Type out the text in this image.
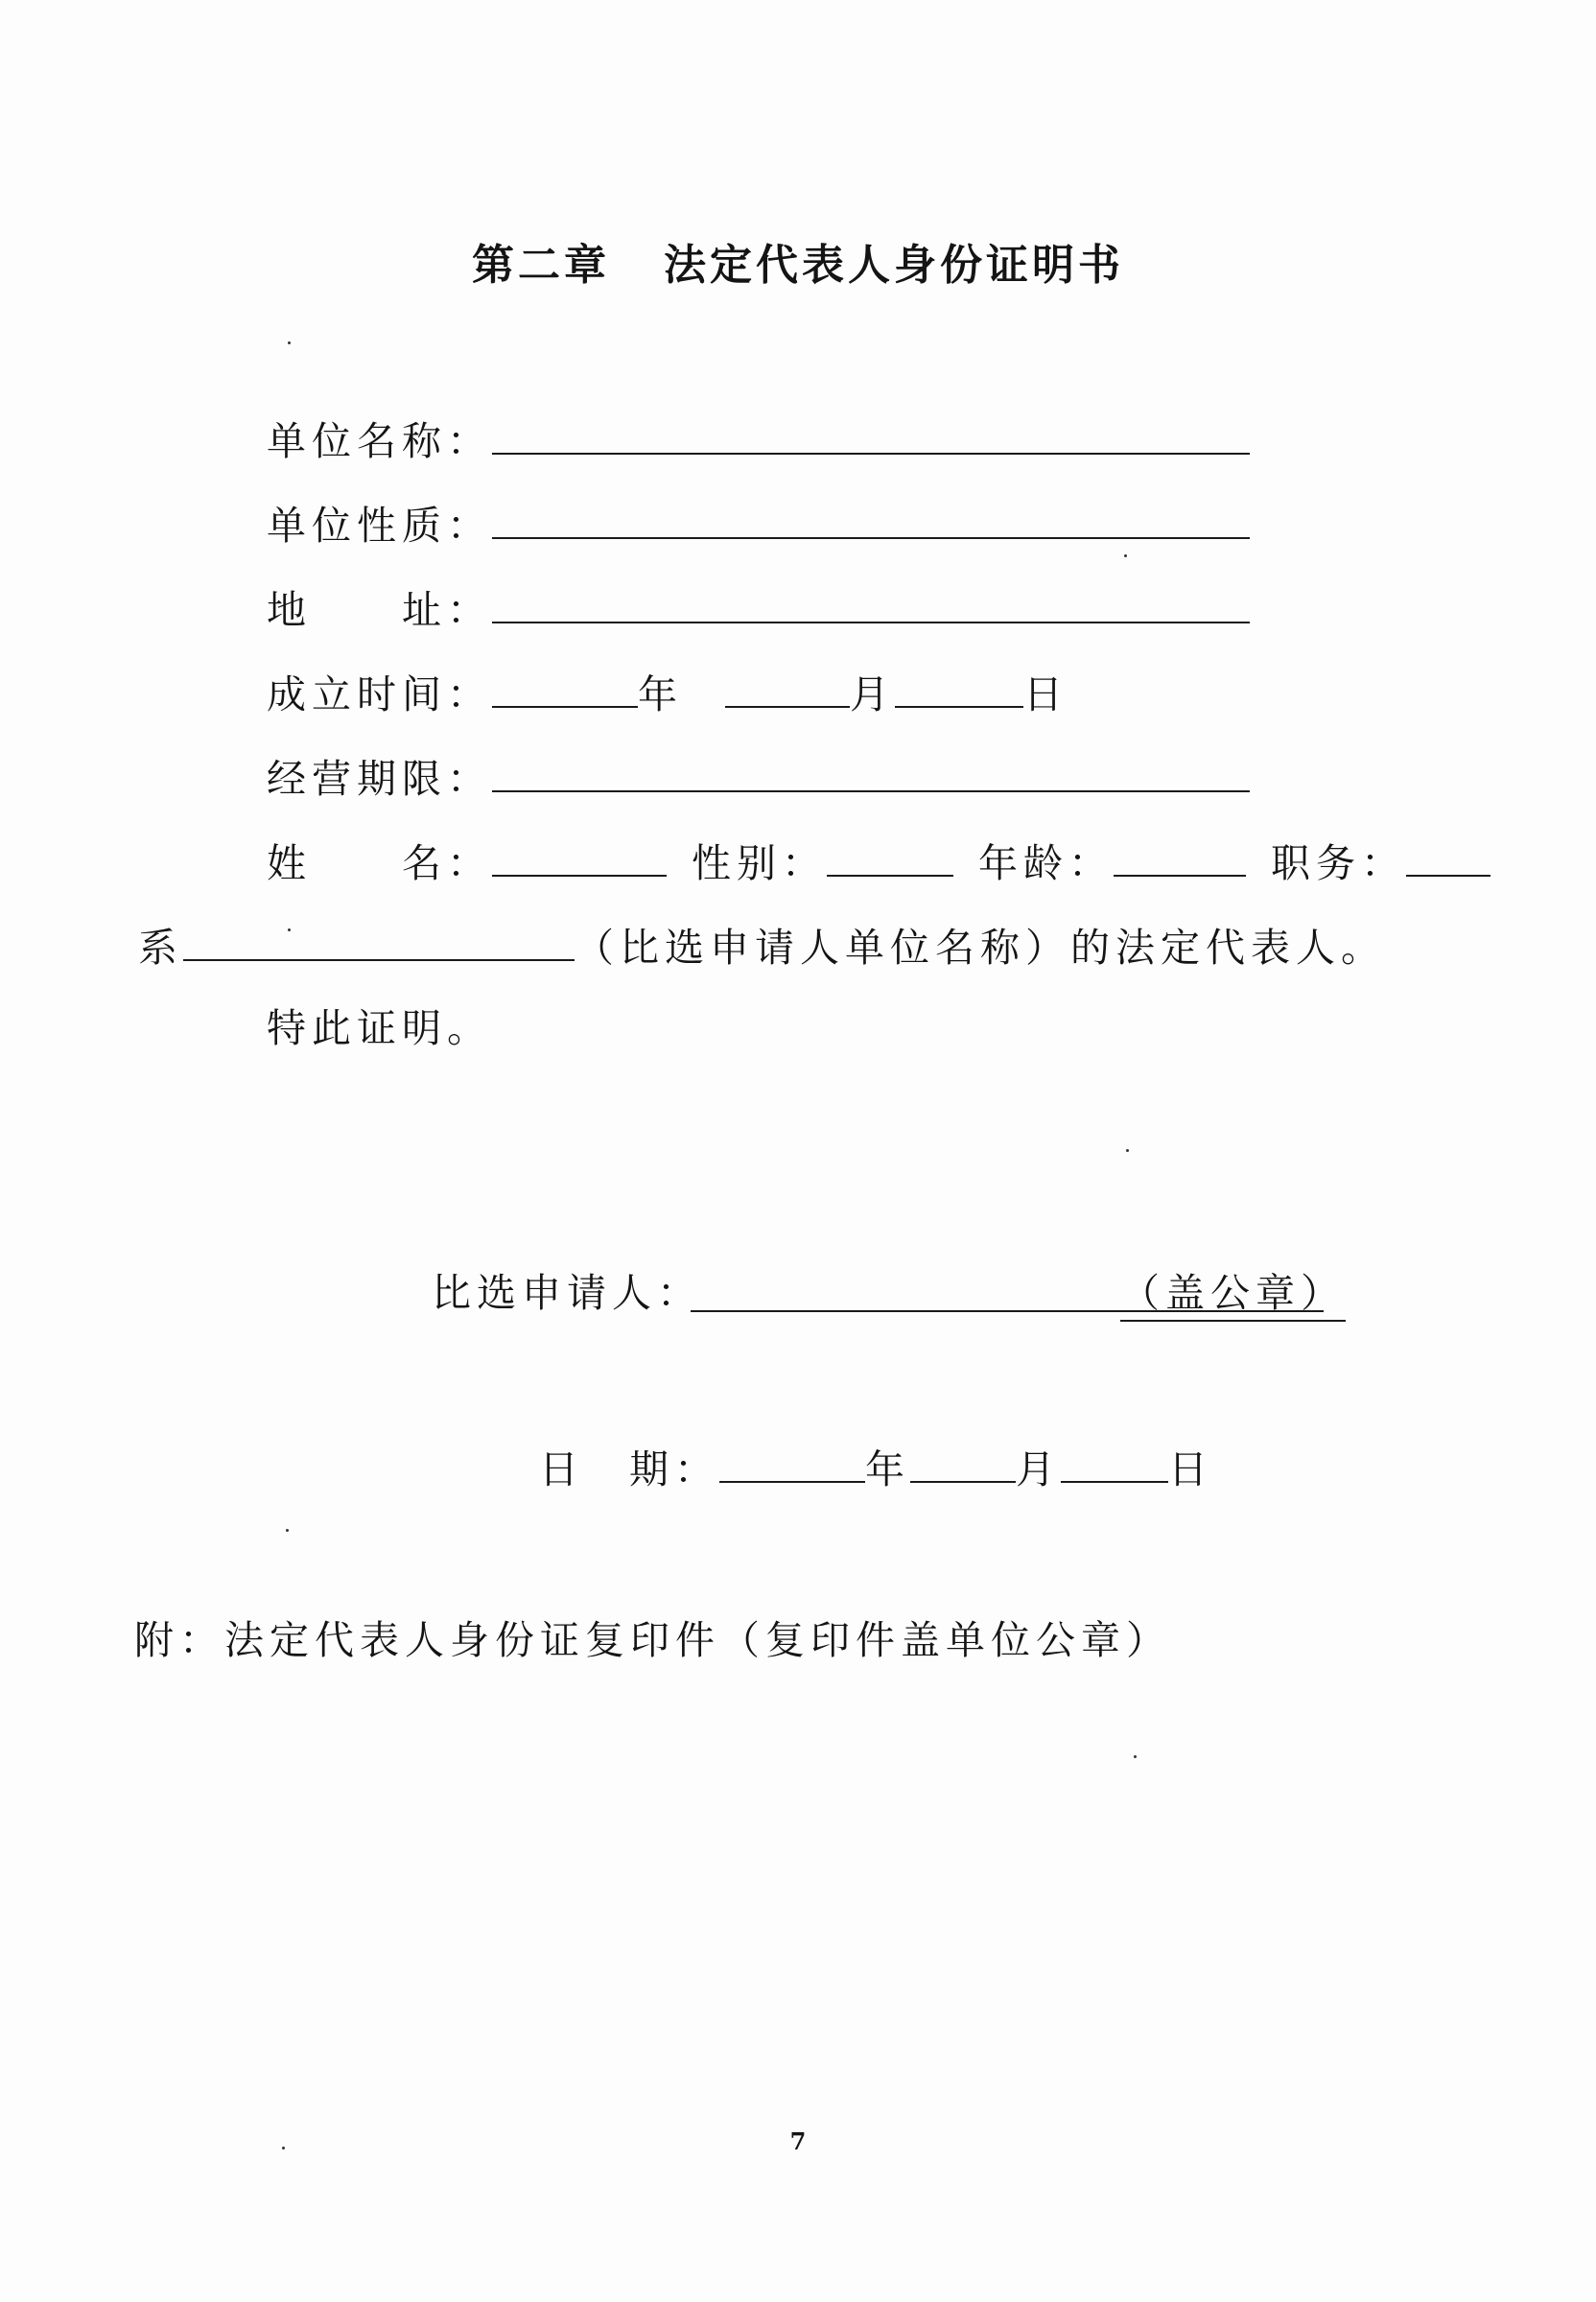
第二章 法定代表人身份证明书
单位名称：
单位性质：
地　　址：
成立时间：	年	月	日
经营期限：
姓　　名：	性别：	年龄：	职务：
系	（比选申请人单位名称）的法定代表人。
特此证明。
比选申请人：	（盖公章）
日　期：	年	月	日
附：法定代表人身份证复印件（复印件盖单位公章）
7
